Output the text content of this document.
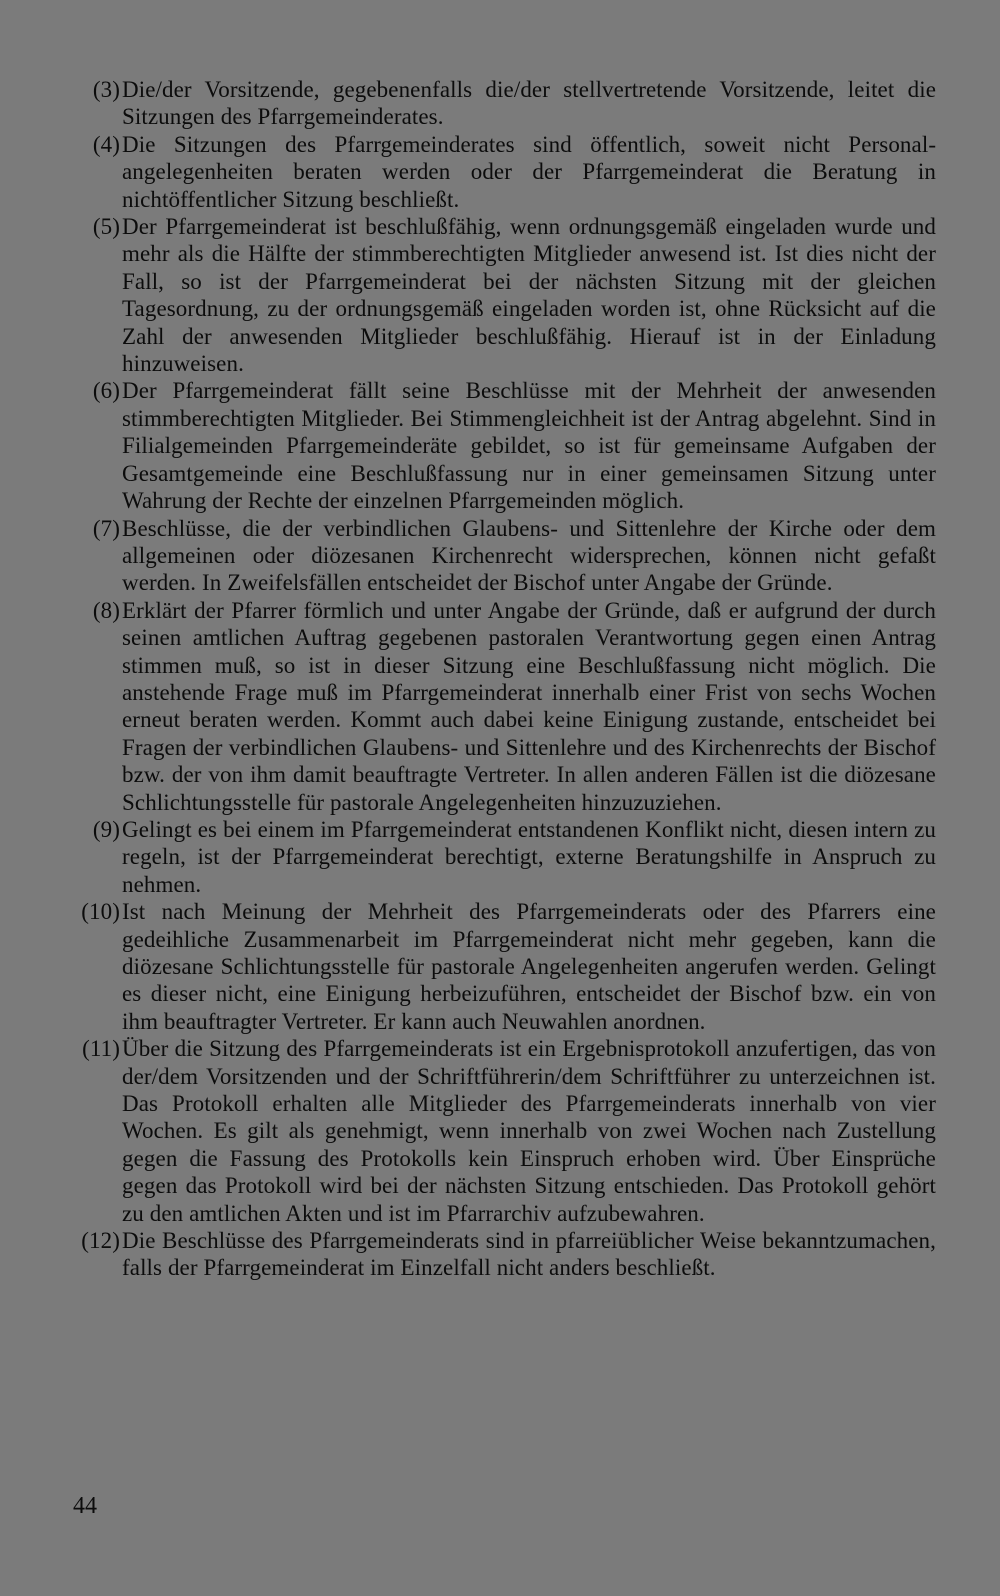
(3) Die/der Vorsitzende, gegebenenfalls die/der stellvertretende Vorsitzende, leitet die Sitzungen des Pfarrgemeinderates.
(4) Die Sitzungen des Pfarrgemeinderates sind öffentlich, soweit nicht Personalangelegenheiten beraten werden oder der Pfarrgemeinderat die Beratung in nichtöffentlicher Sitzung beschließt.
(5) Der Pfarrgemeinderat ist beschlußfähig, wenn ordnungsgemäß eingeladen wurde und mehr als die Hälfte der stimmberechtigten Mitglieder anwesend ist. Ist dies nicht der Fall, so ist der Pfarrgemeinderat bei der nächsten Sitzung mit der gleichen Tagesordnung, zu der ordnungsgemäß eingeladen worden ist, ohne Rücksicht auf die Zahl der anwesenden Mitglieder beschlußfähig. Hierauf ist in der Einladung hinzuweisen.
(6) Der Pfarrgemeinderat fällt seine Beschlüsse mit der Mehrheit der anwesenden stimmberechtigten Mitglieder. Bei Stimmengleichheit ist der Antrag abgelehnt. Sind in Filialgemeinden Pfarrgemeinderäte gebildet, so ist für gemeinsame Aufgaben der Gesamtgemeinde eine Beschlußfassung nur in einer gemeinsamen Sitzung unter Wahrung der Rechte der einzelnen Pfarrgemeinden möglich.
(7) Beschlüsse, die der verbindlichen Glaubens- und Sittenlehre der Kirche oder dem allgemeinen oder diözesanen Kirchenrecht widersprechen, können nicht gefaßt werden. In Zweifelsfällen entscheidet der Bischof unter Angabe der Gründe.
(8) Erklärt der Pfarrer förmlich und unter Angabe der Gründe, daß er aufgrund der durch seinen amtlichen Auftrag gegebenen pastoralen Verantwortung gegen einen Antrag stimmen muß, so ist in dieser Sitzung eine Beschlußfassung nicht möglich. Die anstehende Frage muß im Pfarrgemeinderat innerhalb einer Frist von sechs Wochen erneut beraten werden. Kommt auch dabei keine Einigung zustande, entscheidet bei Fragen der verbindlichen Glaubens- und Sittenlehre und des Kirchenrechts der Bischof bzw. der von ihm damit beauftragte Vertreter. In allen anderen Fällen ist die diözesane Schlichtungsstelle für pastorale Angelegenheiten hinzuzuziehen.
(9) Gelingt es bei einem im Pfarrgemeinderat entstandenen Konflikt nicht, diesen intern zu regeln, ist der Pfarrgemeinderat berechtigt, externe Beratungshilfe in Anspruch zu nehmen.
(10) Ist nach Meinung der Mehrheit des Pfarrgemeinderats oder des Pfarrers eine gedeihliche Zusammenarbeit im Pfarrgemeinderat nicht mehr gegeben, kann die diözesane Schlichtungsstelle für pastorale Angelegenheiten angerufen werden. Gelingt es dieser nicht, eine Einigung herbeizuführen, entscheidet der Bischof bzw. ein von ihm beauftragter Vertreter. Er kann auch Neuwahlen anordnen.
(11) Über die Sitzung des Pfarrgemeinderats ist ein Ergebnisprotokoll anzufertigen, das von der/dem Vorsitzenden und der Schriftführerin/dem Schriftführer zu unterzeichnen ist. Das Protokoll erhalten alle Mitglieder des Pfarrgemeinderats innerhalb von vier Wochen. Es gilt als genehmigt, wenn innerhalb von zwei Wochen nach Zustellung gegen die Fassung des Protokolls kein Einspruch erhoben wird. Über Einsprüche gegen das Protokoll wird bei der nächsten Sitzung entschieden. Das Protokoll gehört zu den amtlichen Akten und ist im Pfarrarchiv aufzubewahren.
(12) Die Beschlüsse des Pfarrgemeinderats sind in pfarreiüblicher Weise bekanntzumachen, falls der Pfarrgemeinderat im Einzelfall nicht anders beschließt.
44
